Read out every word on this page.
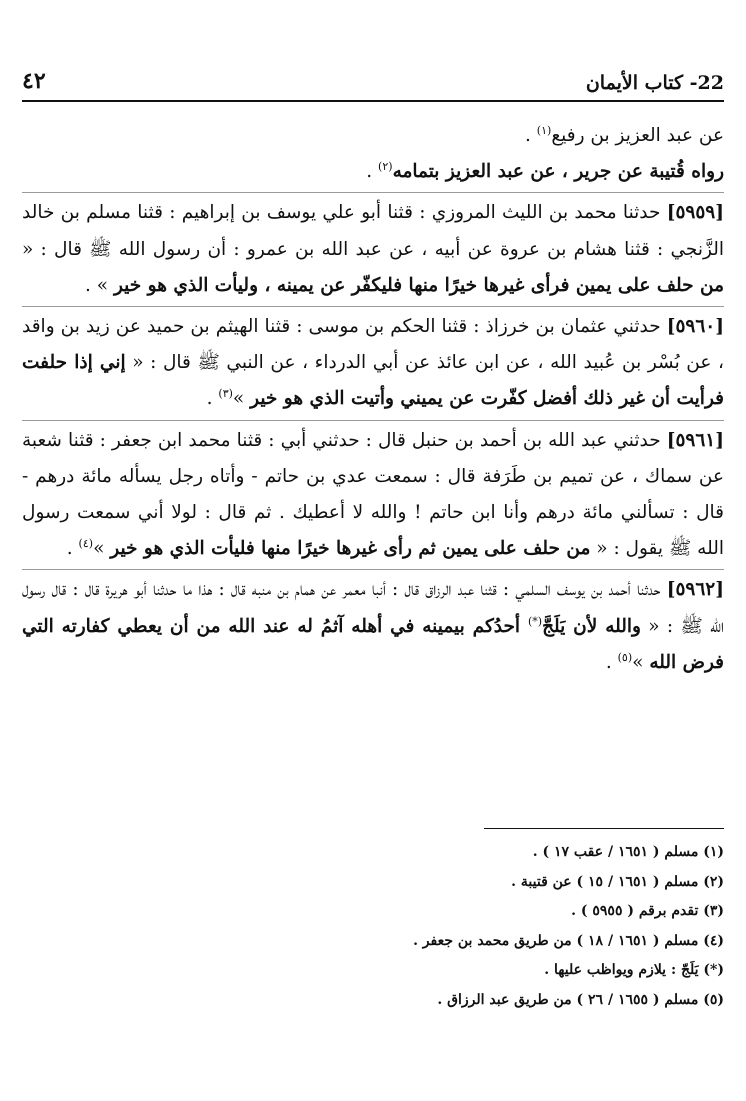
٤٢	22- كتاب الأيمان

عن عبد العزيز بن رفيع$^{(١)}$ .

رواه قُتيبة عن جرير ، عن عبد العزيز بتمامه$^{(٢)}$ .

[٥٩٥٩] حدثنا محمد بن الليث المروزي : قثنا أبو علي يوسف بن إبراهيم : قثنا مسلم بن خالد الزَّنجي : قثنا هشام بن عروة عن أبيه ، عن عبد الله بن عمرو : أن رسول الله ﷺ قال : « من حلف على يمين فرأى غيرها خيرًا منها فليكفّر عن يمينه ، وليأت الذي هو خير » .

[٥٩٦٠] حدثني عثمان بن خرزاذ : قثنا الحكم بن موسى : قثنا الهيثم بن حميد عن زيد بن واقد ، عن بُسْر بن عُبيد الله ، عن ابن عائذ عن أبي الدرداء ، عن النبي ﷺ قال : « إني إذا حلفت فرأيت أن غير ذلك أفضل كفّرت عن يميني وأتيت الذي هو خير »$^{(٣)}$ .

[٥٩٦١] حدثني عبد الله بن أحمد بن حنبل قال : حدثني أبي : قثنا محمد ابن جعفر : قثنا شعبة عن سماك ، عن تميم بن طَرَفة قال : سمعت عدي بن حاتم - وأتاه رجل يسأله مائة درهم - قال : تسألني مائة درهم وأنا ابن حاتم ! والله لا أعطيك . ثم قال : لولا أني سمعت رسول الله ﷺ يقول : « من حلف على يمين ثم رأى غيرها خيرًا منها فليأت الذي هو خير »$^{(٤)}$ .

[٥٩٦٢] حدثنا أحمد بن يوسف السلمي : قثنا عبد الرزاق قال : أنبا معمر عن همام بن منبه قال : هذا ما حدثنا أبو هريرة قال : قال رسول الله ﷺ : « والله لأن يَلَجَّ(*) أحدُكم بيمينه في أهله آثمُ له عند الله من أن يعطي كفارته التي فرض الله »$^{(٥)}$ .

(١) مسلم ( ١٦٥١ / عقب ١٧ ) .

(٢) مسلم ( ١٦٥١ / ١٥ ) عن قتيبة .

(٣) تقدم برقم ( ٥٩٥٥ ) .

(٤) مسلم ( ١٦٥١ / ١٨ ) من طريق محمد بن جعفر .

(*) يَلَجّ : يلازم ويواظب عليها .

(٥) مسلم ( ١٦٥٥ / ٢٦ ) من طريق عبد الرزاق .
